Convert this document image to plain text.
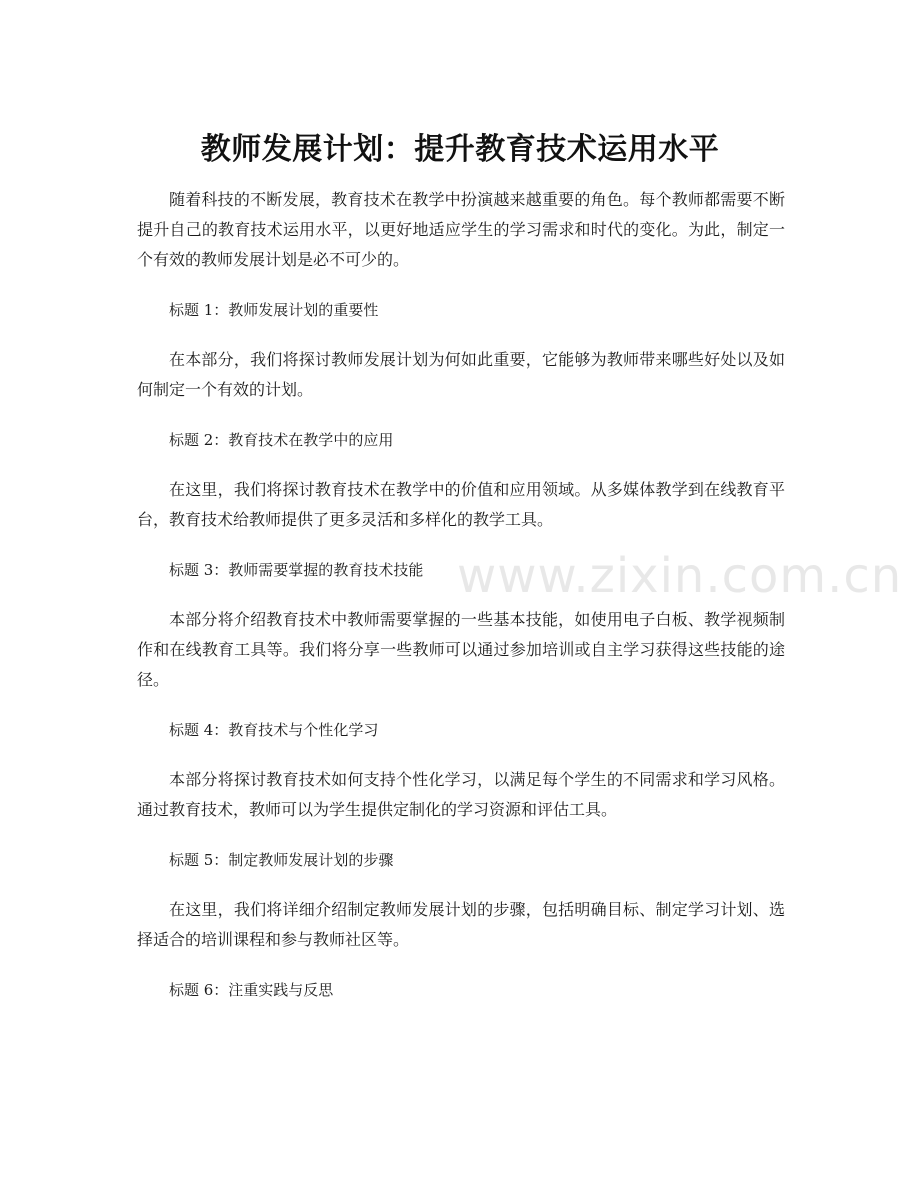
www.zixin.com.cn
教师发展计划：提升教育技术运用水平

随着科技的不断发展，教育技术在教学中扮演越来越重要的角色。每个教师都需要不断提升自己的教育技术运用水平，以更好地适应学生的学习需求和时代的变化。为此，制定一个有效的教师发展计划是必不可少的。

标题 1：教师发展计划的重要性

在本部分，我们将探讨教师发展计划为何如此重要，它能够为教师带来哪些好处以及如何制定一个有效的计划。

标题 2：教育技术在教学中的应用

在这里，我们将探讨教育技术在教学中的价值和应用领域。从多媒体教学到在线教育平台，教育技术给教师提供了更多灵活和多样化的教学工具。

标题 3：教师需要掌握的教育技术技能

本部分将介绍教育技术中教师需要掌握的一些基本技能，如使用电子白板、教学视频制作和在线教育工具等。我们将分享一些教师可以通过参加培训或自主学习获得这些技能的途径。

标题 4：教育技术与个性化学习

本部分将探讨教育技术如何支持个性化学习，以满足每个学生的不同需求和学习风格。通过教育技术，教师可以为学生提供定制化的学习资源和评估工具。

标题 5：制定教师发展计划的步骤

在这里，我们将详细介绍制定教师发展计划的步骤，包括明确目标、制定学习计划、选择适合的培训课程和参与教师社区等。

标题 6：注重实践与反思
